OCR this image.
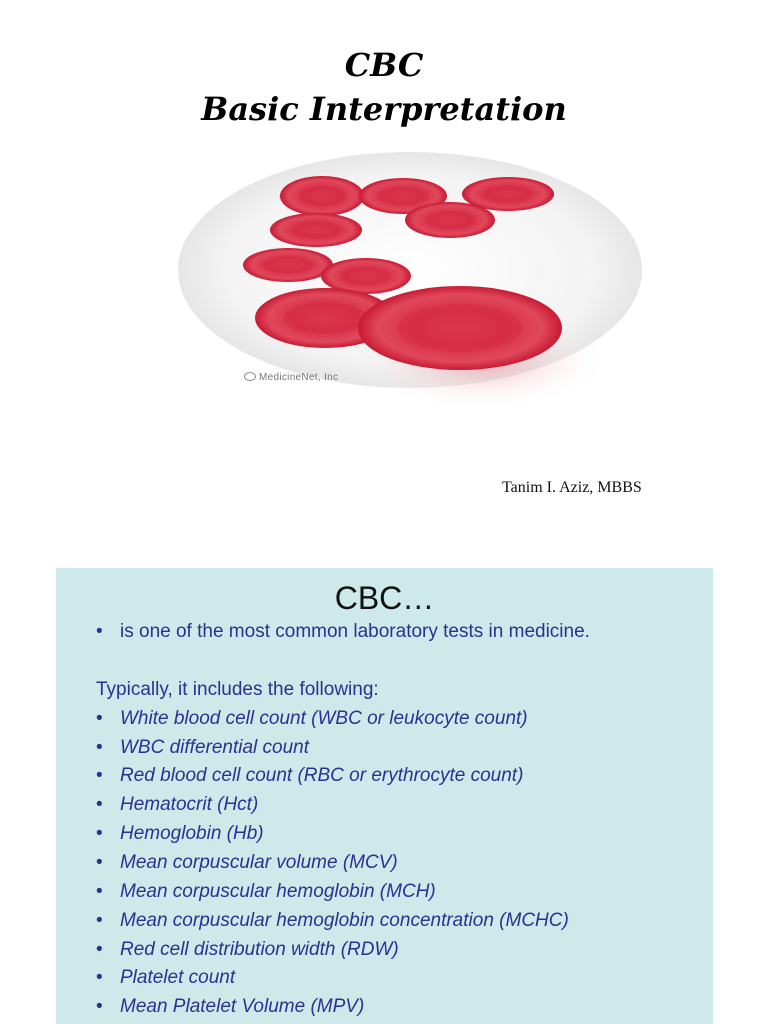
CBC
Basic Interpretation
MedicineNet, Inc
Tanim I. Aziz, MBBS
CBC…
• is one of the most common laboratory tests in medicine.
Typically, it includes the following:
• White blood cell count (WBC or leukocyte count)
• WBC differential count
• Red blood cell count (RBC or erythrocyte count)
• Hematocrit (Hct)
• Hemoglobin (Hb)
• Mean corpuscular volume (MCV)
• Mean corpuscular hemoglobin (MCH)
• Mean corpuscular hemoglobin concentration (MCHC)
• Red cell distribution width (RDW)
• Platelet count
• Mean Platelet Volume (MPV)
